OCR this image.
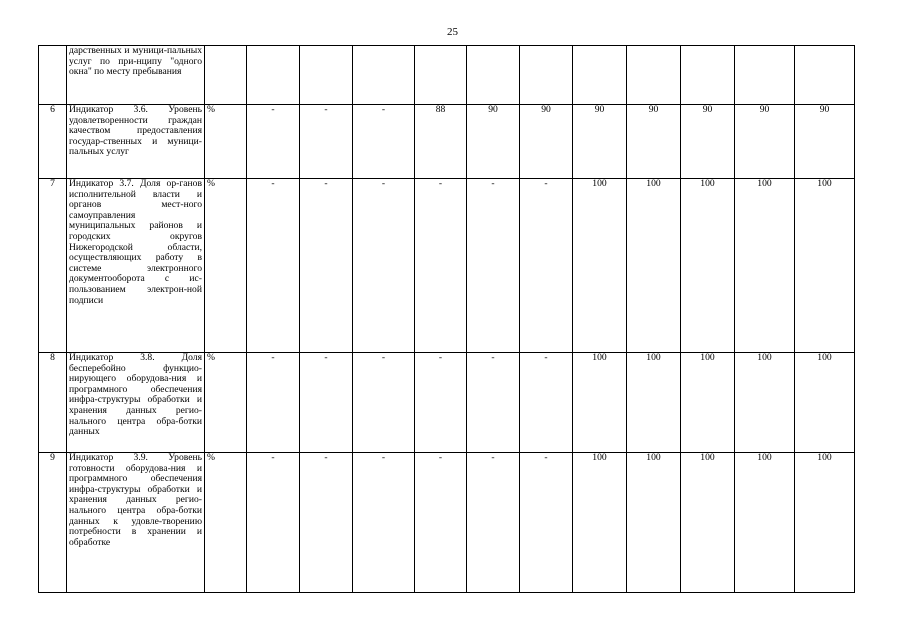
25
	дарственных и муници-пальных услуг по при-нципу "одного окна" по месту пребывания												
6	Индикатор 3.6. Уровень удовлетворенности граждан качеством предоставления государ-ственных и муници-пальных услуг	%	-	-	-	88	90	90	90	90	90	90	90
7	Индикатор 3.7. Доля ор-ганов исполнительной власти и органов мест-ного самоуправления муниципальных районов и городских округов Нижегородской области, осуществляющих работу в системе электронного документооборота с ис-пользованием электрон-ной подписи	%	-	-	-	-	-	-	100	100	100	100	100
8	Индикатор 3.8. Доля бесперебойно функцио-нирующего оборудова-ния и программного обеспечения инфра-структуры обработки и хранения данных регио-нального центра обра-ботки данных	%	-	-	-	-	-	-	100	100	100	100	100
9	Индикатор 3.9. Уровень готовности оборудова-ния и программного обеспечения инфра-структуры обработки и хранения данных регио-нального центра обра-ботки данных к удовле-творению потребности в хранении и обработке	%	-	-	-	-	-	-	100	100	100	100	100
